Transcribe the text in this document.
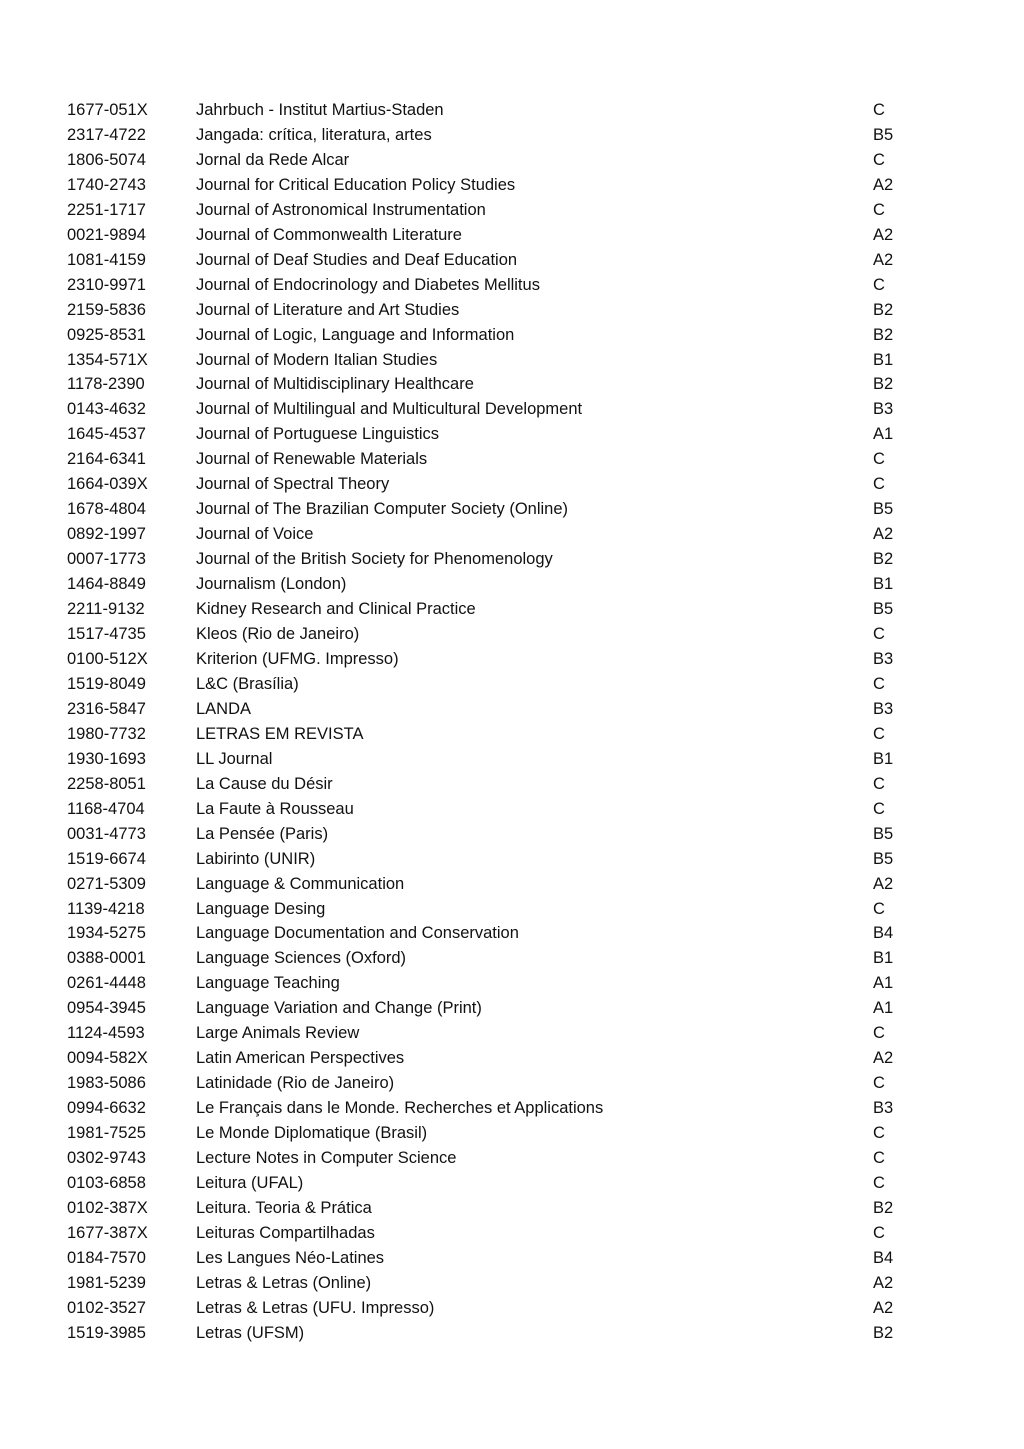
1677-051X	Jahrbuch - Institut Martius-Staden	C
2317-4722	Jangada: crítica, literatura, artes	B5
1806-5074	Jornal da Rede Alcar	C
1740-2743	Journal for Critical Education Policy Studies	A2
2251-1717	Journal of Astronomical Instrumentation	C
0021-9894	Journal of Commonwealth Literature	A2
1081-4159	Journal of Deaf Studies and Deaf Education	A2
2310-9971	Journal of Endocrinology and Diabetes Mellitus	C
2159-5836	Journal of Literature and Art Studies	B2
0925-8531	Journal of Logic, Language and Information	B2
1354-571X	Journal of Modern Italian Studies	B1
1178-2390	Journal of Multidisciplinary Healthcare	B2
0143-4632	Journal of Multilingual and Multicultural Development	B3
1645-4537	Journal of Portuguese Linguistics	A1
2164-6341	Journal of Renewable Materials	C
1664-039X	Journal of Spectral Theory	C
1678-4804	Journal of The Brazilian Computer Society (Online)	B5
0892-1997	Journal of Voice	A2
0007-1773	Journal of the British Society for Phenomenology	B2
1464-8849	Journalism (London)	B1
2211-9132	Kidney Research and Clinical Practice	B5
1517-4735	Kleos (Rio de Janeiro)	C
0100-512X	Kriterion (UFMG. Impresso)	B3
1519-8049	L&C (Brasília)	C
2316-5847	LANDA	B3
1980-7732	LETRAS EM REVISTA	C
1930-1693	LL Journal	B1
2258-8051	La Cause du Désir	C
1168-4704	La Faute à Rousseau	C
0031-4773	La Pensée (Paris)	B5
1519-6674	Labirinto (UNIR)	B5
0271-5309	Language & Communication	A2
1139-4218	Language Desing	C
1934-5275	Language Documentation and Conservation	B4
0388-0001	Language Sciences (Oxford)	B1
0261-4448	Language Teaching	A1
0954-3945	Language Variation and Change (Print)	A1
1124-4593	Large Animals Review	C
0094-582X	Latin American Perspectives	A2
1983-5086	Latinidade (Rio de Janeiro)	C
0994-6632	Le Français dans le Monde. Recherches et Applications	B3
1981-7525	Le Monde Diplomatique (Brasil)	C
0302-9743	Lecture Notes in Computer Science	C
0103-6858	Leitura (UFAL)	C
0102-387X	Leitura. Teoria & Prática	B2
1677-387X	Leituras Compartilhadas	C
0184-7570	Les Langues Néo-Latines	B4
1981-5239	Letras & Letras (Online)	A2
0102-3527	Letras & Letras (UFU. Impresso)	A2
1519-3985	Letras (UFSM)	B2
